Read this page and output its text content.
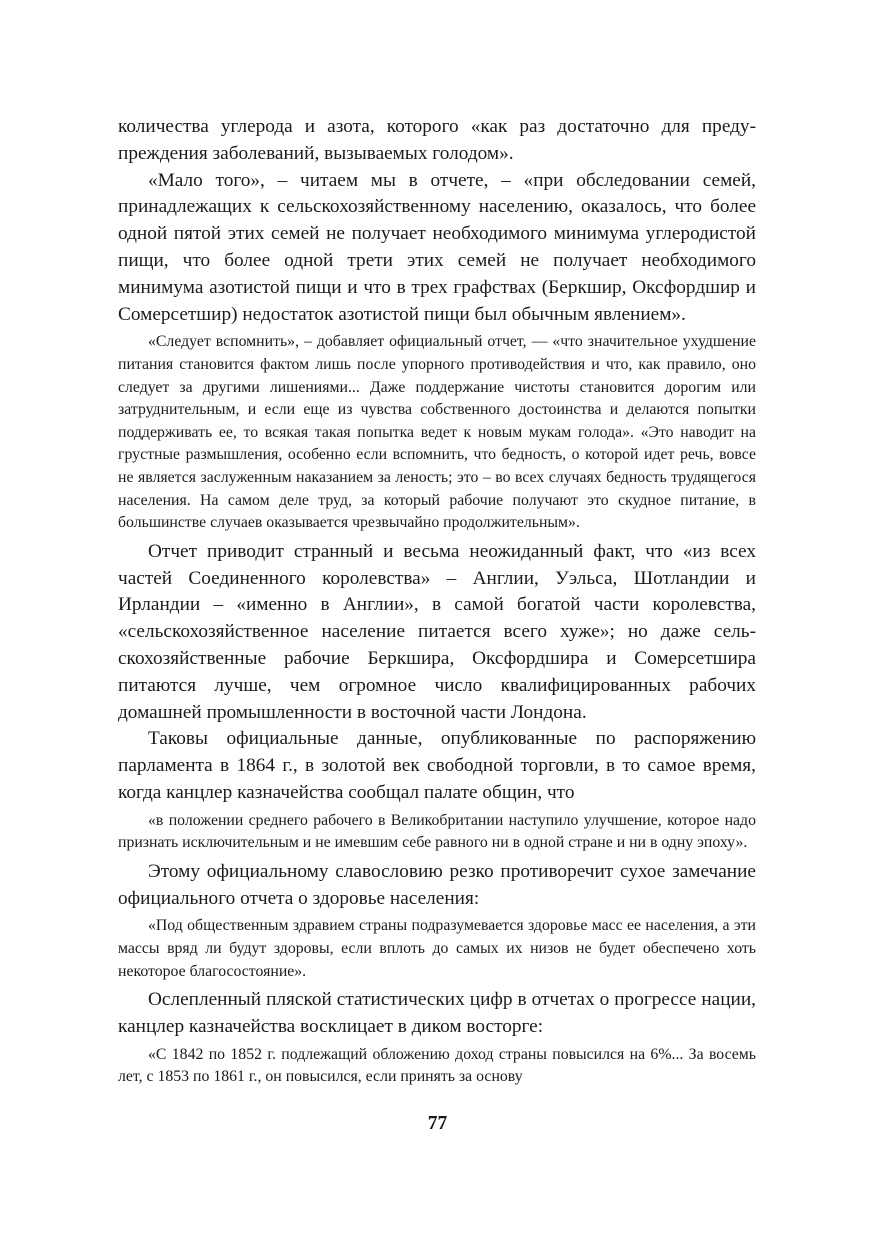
количества углерода и азота, которого «как раз достаточно для предупреждения заболеваний, вызываемых голодом».

«Мало того», – читаем мы в отчете, – «при обследовании семей, принадлежащих к сельскохозяйственному населению, оказалось, что более одной пятой этих семей не получает необходимого минимума углеродистой пищи, что более одной трети этих семей не получает необходимого минимума азотистой пищи и что в трех графствах (Беркшир, Оксфордшир и Сомерсетшир) недостаток азотистой пищи был обычным явлением».

«Следует вспомнить», – добавляет официальный отчет, — «что значительное ухудшение питания становится фактом лишь после упорного противодействия и что, как правило, оно следует за другими лишениями... Даже поддержание чистоты становится дорогим или затруднительным, и если еще из чувства собственного достоинства и делаются попытки поддерживать ее, то всякая такая попытка ведет к новым мукам голода». «Это наводит на грустные размышления, особенно если вспомнить, что бедность, о которой идет речь, вовсе не является заслуженным наказанием за леность; это – во всех случаях бедность трудящегося населения. На самом деле труд, за который рабочие получают это скудное питание, в большинстве случаев оказывается чрезвычайно продолжительным».

Отчет приводит странный и весьма неожиданный факт, что «из всех частей Соединенного королевства» – Англии, Уэльса, Шотландии и Ирландии – «именно в Англии», в самой богатой части королевства, «сельскохозяйственное население питается всего хуже»; но даже сельскохозяйственные рабочие Беркшира, Оксфордшира и Сомерсетшира питаются лучше, чем огромное число квалифицированных рабочих домашней промышленности в восточной части Лондона.

Таковы официальные данные, опубликованные по распоряжению парламента в 1864 г., в золотой век свободной торговли, в то самое время, когда канцлер казначейства сообщал палате общин, что

«в положении среднего рабочего в Великобритании наступило улучшение, которое надо признать исключительным и не имевшим себе равного ни в одной стране и ни в одну эпоху».

Этому официальному славословию резко противоречит сухое замечание официального отчета о здоровье населения:

«Под общественным здравием страны подразумевается здоровье масс ее населения, а эти массы вряд ли будут здоровы, если вплоть до самых их низов не будет обеспечено хоть некоторое благосостояние».

Ослепленный пляской статистических цифр в отчетах о прогрессе нации, канцлер казначейства восклицает в диком восторге:

«С 1842 по 1852 г. подлежащий обложению доход страны повысился на 6%... За восемь лет, с 1853 по 1861 г., он повысился, если принять за основу

77
